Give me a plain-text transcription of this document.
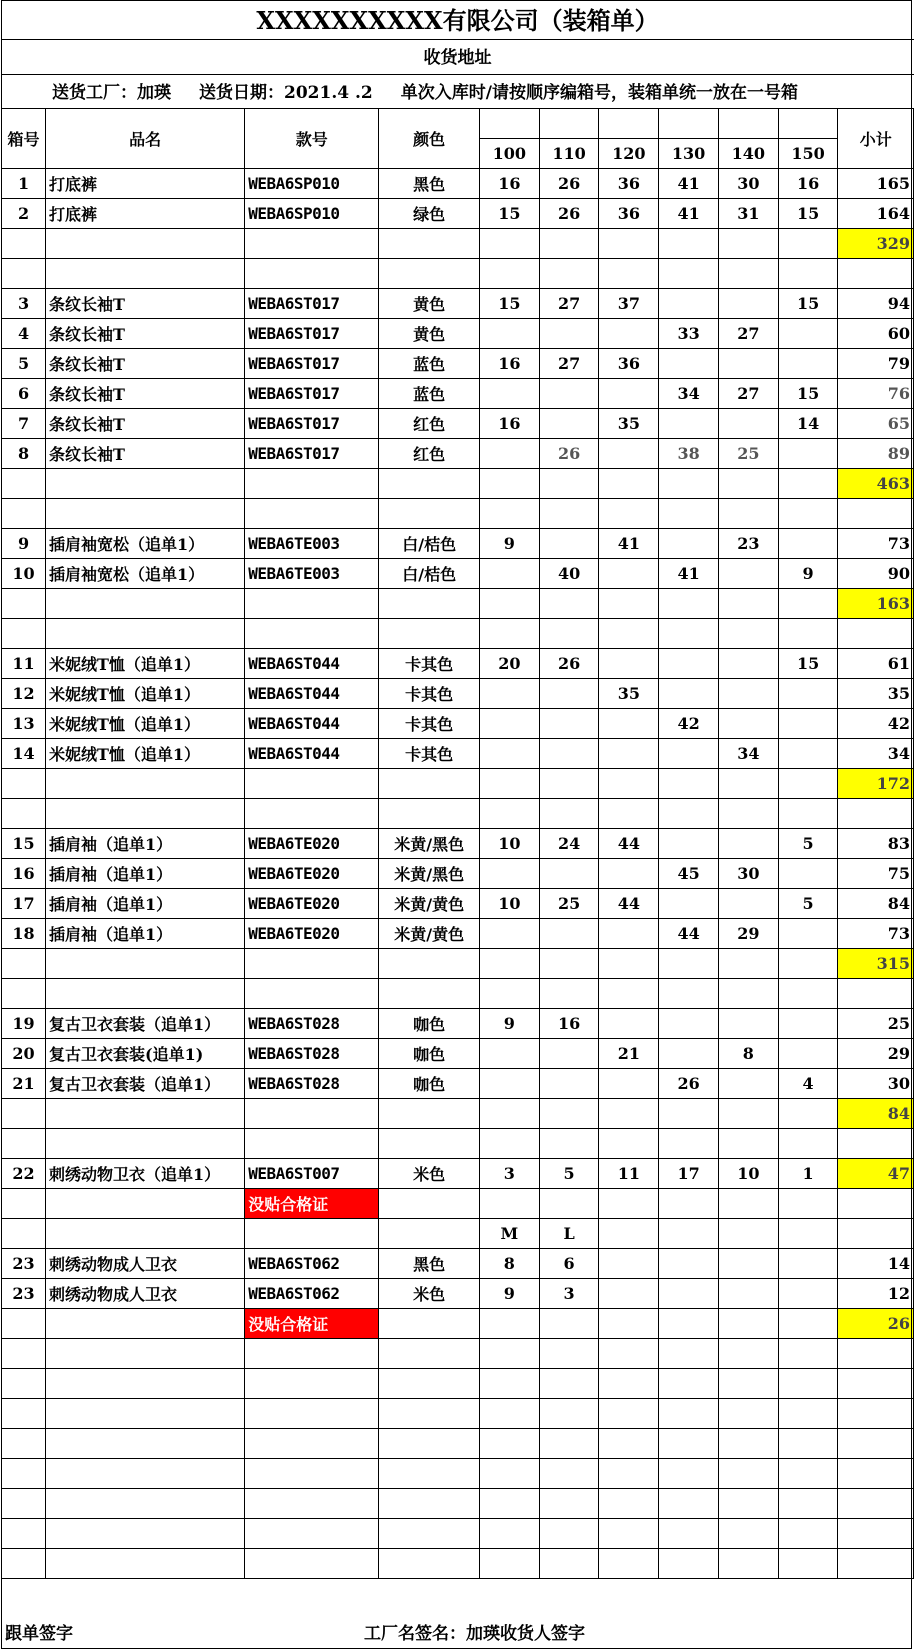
XXXXXXXXXX有限公司（装箱单）
收货地址
送货工厂：加瑛 送货日期：2021.4 .2 单次入库时/请按顺序编箱号，装箱单统一放在一号箱
箱号	品名	款号	颜色							小计
				100	110	120	130	140	150	
1	打底裤	WEBA6SP010	黑色	16	26	36	41	30	16	165
2	打底裤	WEBA6SP010	绿色	15	26	36	41	31	15	164
										329

3	条纹长袖T	WEBA6ST017	黄色	15	27	37			15	94
4	条纹长袖T	WEBA6ST017	黄色				33	27		60
5	条纹长袖T	WEBA6ST017	蓝色	16	27	36				79
6	条纹长袖T	WEBA6ST017	蓝色				34	27	15	76
7	条纹长袖T	WEBA6ST017	红色	16		35			14	65
8	条纹长袖T	WEBA6ST017	红色		26		38	25		89
										463

9	插肩袖宽松（追单1）	WEBA6TE003	白/桔色	9		41		23		73
10	插肩袖宽松（追单1）	WEBA6TE003	白/桔色		40		41		9	90
										163

11	米妮绒T恤（追单1）	WEBA6ST044	卡其色	20	26				15	61
12	米妮绒T恤（追单1）	WEBA6ST044	卡其色			35				35
13	米妮绒T恤（追单1）	WEBA6ST044	卡其色				42			42
14	米妮绒T恤（追单1）	WEBA6ST044	卡其色					34		34
										172

15	插肩袖（追单1）	WEBA6TE020	米黄/黑色	10	24	44			5	83
16	插肩袖（追单1）	WEBA6TE020	米黄/黑色				45	30		75
17	插肩袖（追单1）	WEBA6TE020	米黄/黄色	10	25	44			5	84
18	插肩袖（追单1）	WEBA6TE020	米黄/黄色				44	29		73
										315

19	复古卫衣套装（追单1）	WEBA6ST028	咖色	9	16					25
20	复古卫衣套装(追单1)	WEBA6ST028	咖色			21		8		29
21	复古卫衣套装（追单1）	WEBA6ST028	咖色				26		4	30
										84

22	刺绣动物卫衣（追单1）	WEBA6ST007	米色	3	5	11	17	10	1	47
		没贴合格证								
				M	L					
23	刺绣动物成人卫衣	WEBA6ST062	黑色	8	6					14
23	刺绣动物成人卫衣	WEBA6ST062	米色	9	3					12
		没贴合格证								26

跟单签字	工厂名签名：加瑛收货人签字
